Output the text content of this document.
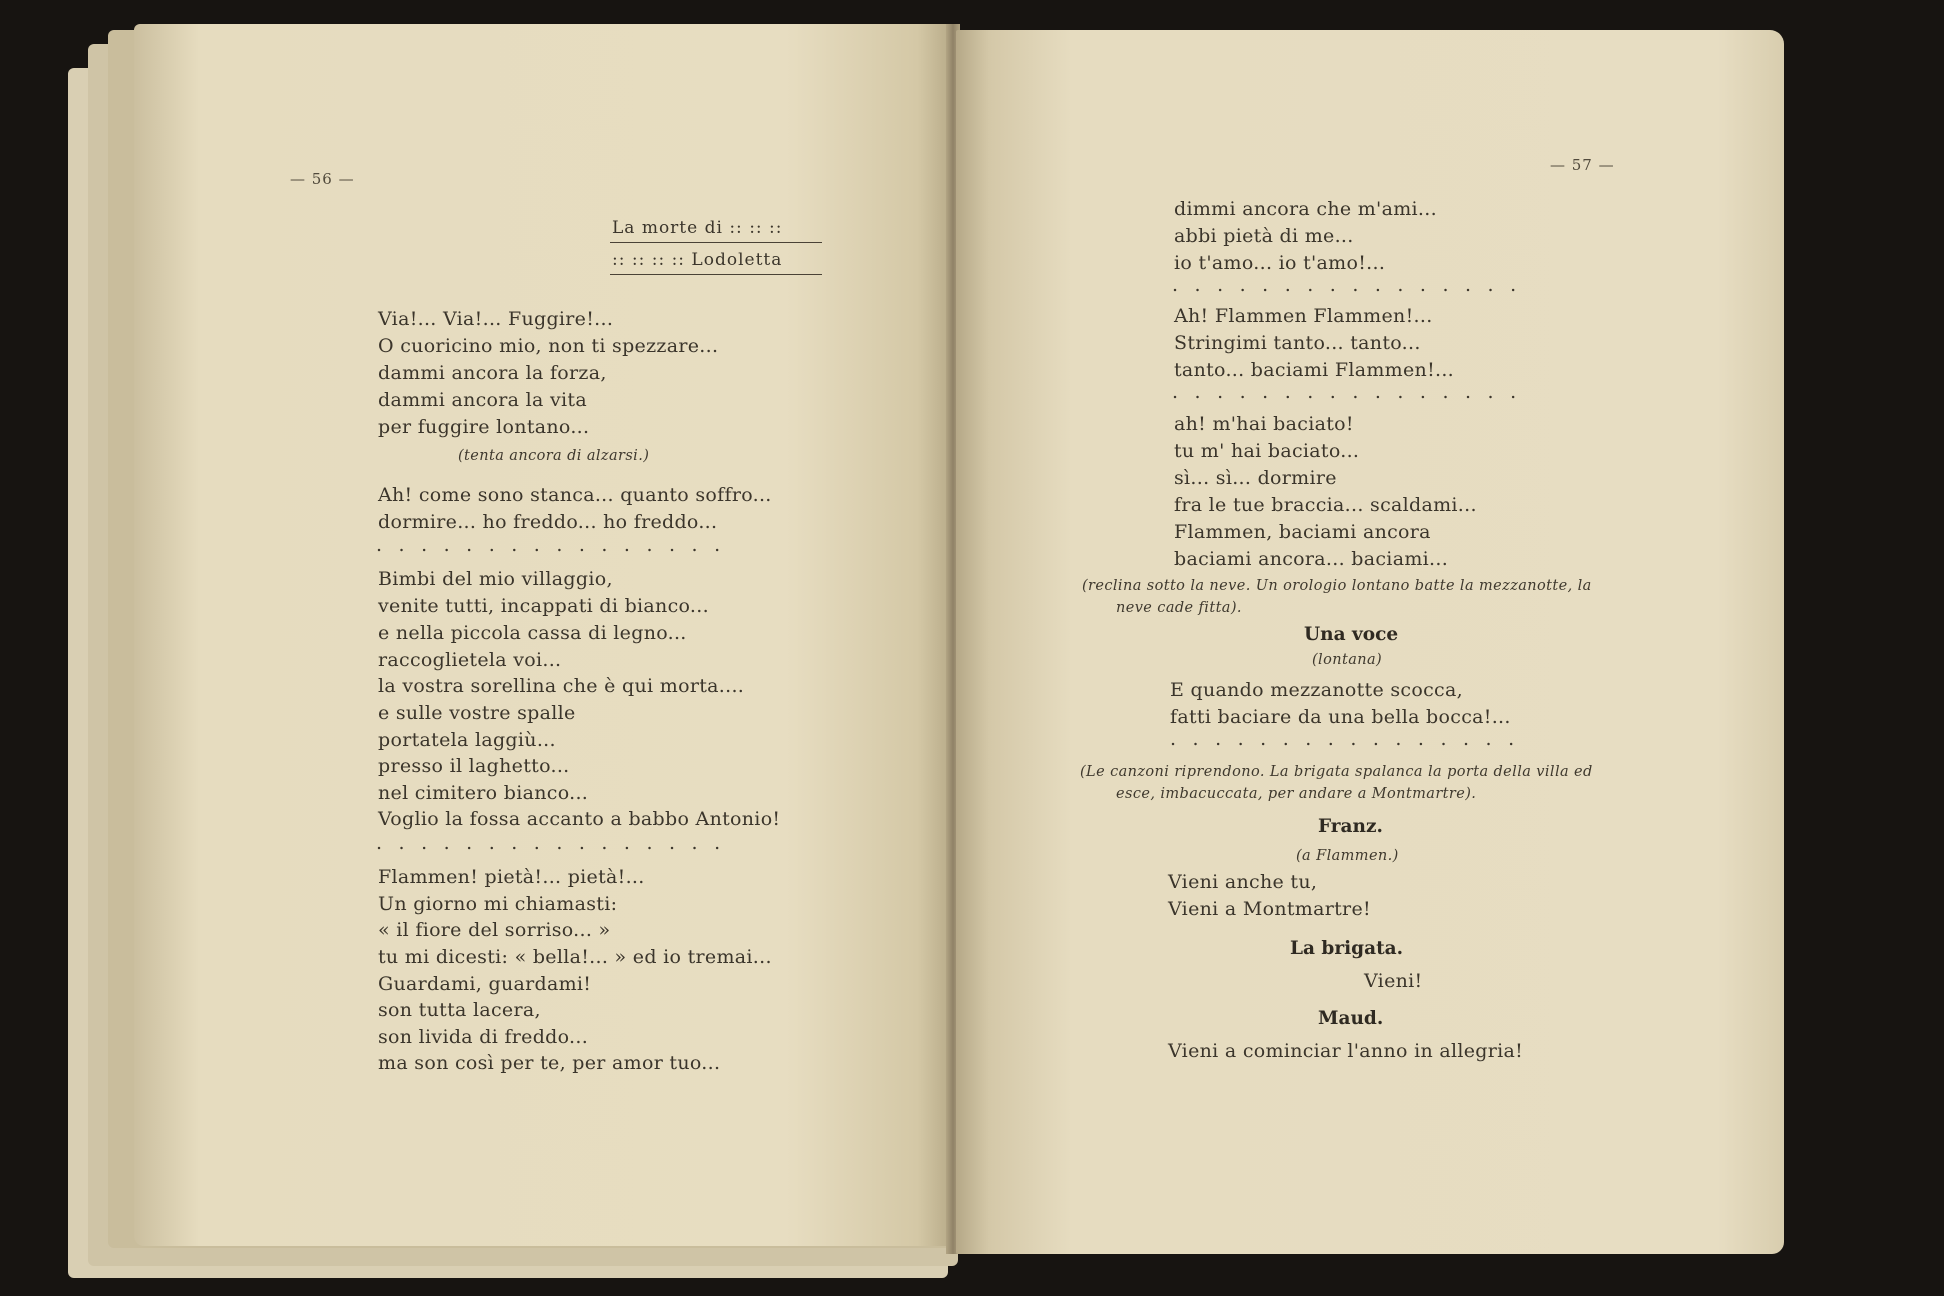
— 56 —
La morte di :: :: ::
:: :: :: :: Lodoletta
Via!... Via!... Fuggire!...
O cuoricino mio, non ti spezzare...
dammi ancora la forza,
dammi ancora la vita
per fuggire lontano...
(tenta ancora di alzarsi.)
Ah! come sono stanca... quanto soffro...
dormire... ho freddo... ho freddo...
................
Bimbi del mio villaggio,
venite tutti, incappati di bianco...
e nella piccola cassa di legno...
raccoglietela voi...
la vostra sorellina che è qui morta....
e sulle vostre spalle
portatela laggiù...
presso il laghetto...
nel cimitero bianco...
Voglio la fossa accanto a babbo Antonio!
................
Flammen! pietà!... pietà!...
Un giorno mi chiamasti:
« il fiore del sorriso... »
tu mi dicesti: « bella!... » ed io tremai...
Guardami, guardami!
son tutta lacera,
son livida di freddo...
ma son così per te, per amor tuo...
— 57 —
dimmi ancora che m'ami...
abbi pietà di me...
io t'amo... io t'amo!...
................
Ah! Flammen Flammen!...
Stringimi tanto... tanto...
tanto... baciami Flammen!...
................
ah! m'hai baciato!
tu m' hai baciato...
sì... sì... dormire
fra le tue braccia... scaldami...
Flammen, baciami ancora
baciami ancora... baciami...
(reclina sotto la neve. Un orologio lontano batte la mezzanotte, la
neve cade fitta).
Una voce
(lontana)
E quando mezzanotte scocca,
fatti baciare da una bella bocca!...
................
(Le canzoni riprendono. La brigata spalanca la porta della villa ed
esce, imbacuccata, per andare a Montmartre).
Franz.
(a Flammen.)
Vieni anche tu,
Vieni a Montmartre!
La brigata.
Vieni!
Maud.
Vieni a cominciar l'anno in allegria!
